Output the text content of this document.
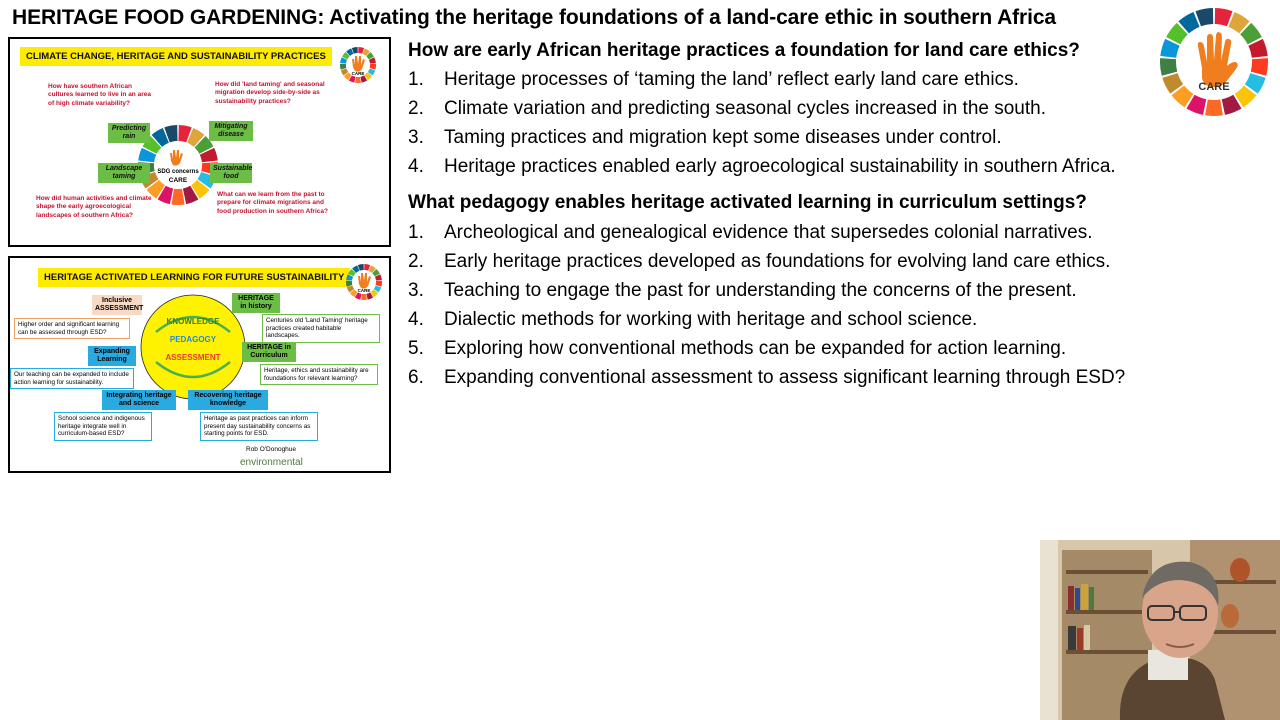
HERITAGE FOOD GARDENING: Activating the heritage foundations of a land-care ethic in southern Africa
CARE
CLIMATE CHANGE, HERITAGE AND SUSTAINABILITY PRACTICES
CARE
How have southern African cultures learned to live in an area of high climate variability?
How did 'land taming' and seasonal migration develop side-by-side as sustainability practices?
How did human activities and climate shape the early agroecological landscapes of southern Africa?
What can we learn from the past to prepare for climate migrations and food production in southern Africa?
SDG concerns
CARE
Predicting rain
Mitigating disease
Landscape taming
Sustainable food
HERITAGE ACTIVATED LEARNING FOR FUTURE SUSTAINABILITY
CARE
KNOWLEDGE
PEDAGOGY
ASSESSMENT
Inclusive ASSESSMENT
HERITAGE in history
Expanding Learning
HERITAGE in Curriculum
Integrating heritage and science
Recovering heritage knowledge
Higher order and significant learning can be assessed through ESD?
Centuries old 'Land Taming' heritage practices created habitable landscapes.
Our teaching can be expanded to include action learning for sustainability.
Heritage, ethics and sustainability are foundations for relevant learning?
School science and indigenous heritage integrate well in curriculum-based ESD?
Heritage as past practices can inform present day sustainability concerns as starting points for ESD.
Rob O'Donoghue
environmental
How are early African heritage practices a foundation for land care ethics?
1. Heritage processes of ‘taming the land’ reflect early land care ethics.
2. Climate variation and predicting seasonal cycles increased in the south.
3. Taming practices and migration kept some diseases under control.
4. Heritage practices enabled early agroecological sustainability in southern Africa.
What pedagogy enables heritage activated learning in curriculum settings?
1. Archeological and genealogical evidence that supersedes colonial narratives.
2. Early heritage practices developed as foundations for evolving land care ethics.
3. Teaching to engage the past for understanding the concerns of the present.
4. Dialectic methods for working with heritage and school science.
5. Exploring how conventional methods can be expanded for action learning.
6. Expanding conventional assessment to assess significant learning through ESD?
